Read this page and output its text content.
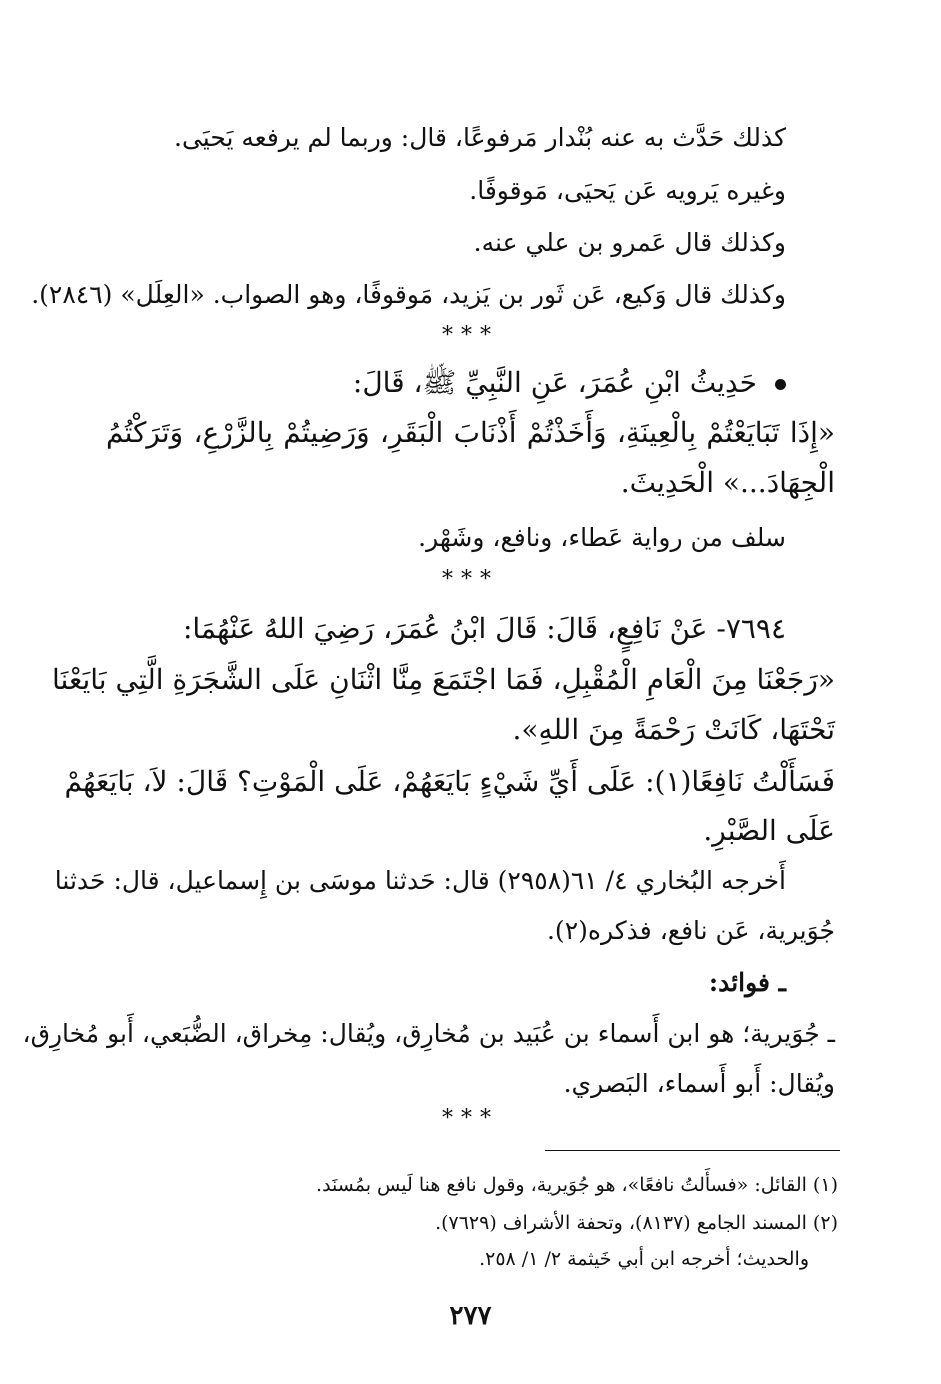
كذلك حَدَّث به عنه بُنْدار مَرفوعًا، قال: وربما لم يرفعه يَحيَى.
وغيره يَرويه عَن يَحيَى، مَوقوفًا.
وكذلك قال عَمرو بن علي عنه.
وكذلك قال وَكيع، عَن ثَور بن يَزيد، مَوقوفًا، وهو الصواب. «العِلَل» (٢٨٤٦).
***
حَدِيثُ ابْنِ عُمَرَ، عَنِ النَّبِيِّ ﷺ، قَالَ:
«إِذَا تَبَايَعْتُمْ بِالْعِينَةِ، وَأَخَذْتُمْ أَذْنَابَ الْبَقَرِ، وَرَضِيتُمْ بِالزَّرْعِ، وَتَرَكْتُمُ
الْجِهَادَ...» الْحَدِيثَ.
سلف من رواية عَطاء، ونافع، وشَهْر.
***
٧٦٩٤- عَنْ نَافِعٍ، قَالَ: قَالَ ابْنُ عُمَرَ، رَضِيَ اللهُ عَنْهُمَا:
«رَجَعْنَا مِنَ الْعَامِ الْمُقْبِلِ، فَمَا اجْتَمَعَ مِنَّا اثْنَانِ عَلَى الشَّجَرَةِ الَّتِي بَايَعْنَا
تَحْتَهَا، كَانَتْ رَحْمَةً مِنَ اللهِ».
فَسَأَلْتُ نَافِعًا(١): عَلَى أَيِّ شَيْءٍ بَايَعَهُمْ، عَلَى الْمَوْتِ؟ قَالَ: لاَ، بَايَعَهُمْ
عَلَى الصَّبْرِ.
أَخرجه البُخاري ٤/ ٦١(٢٩٥٨) قال: حَدثنا موسَى بن إِسماعيل، قال: حَدثنا
جُوَيرية، عَن نافع، فذكره(٢).
ـ فوائد:
ـ جُوَيرية؛ هو ابن أَسماء بن عُبَيد بن مُخارِق، ويُقال: مِخراق، الضُّبَعي، أَبو مُخارِق،
ويُقال: أَبو أَسماء، البَصري.
***
(١) القائل: «فسأَلتُ نافعًا»، هو جُوَيرية، وقول نافع هنا لَيس بمُسنَد.
(٢) المسند الجامع (٨١٣٧)، وتحفة الأشراف (٧٦٢٩).
والحديث؛ أخرجه ابن أبي خَيثمة ٢/ ١/ ٢٥٨.
٢٧٧
